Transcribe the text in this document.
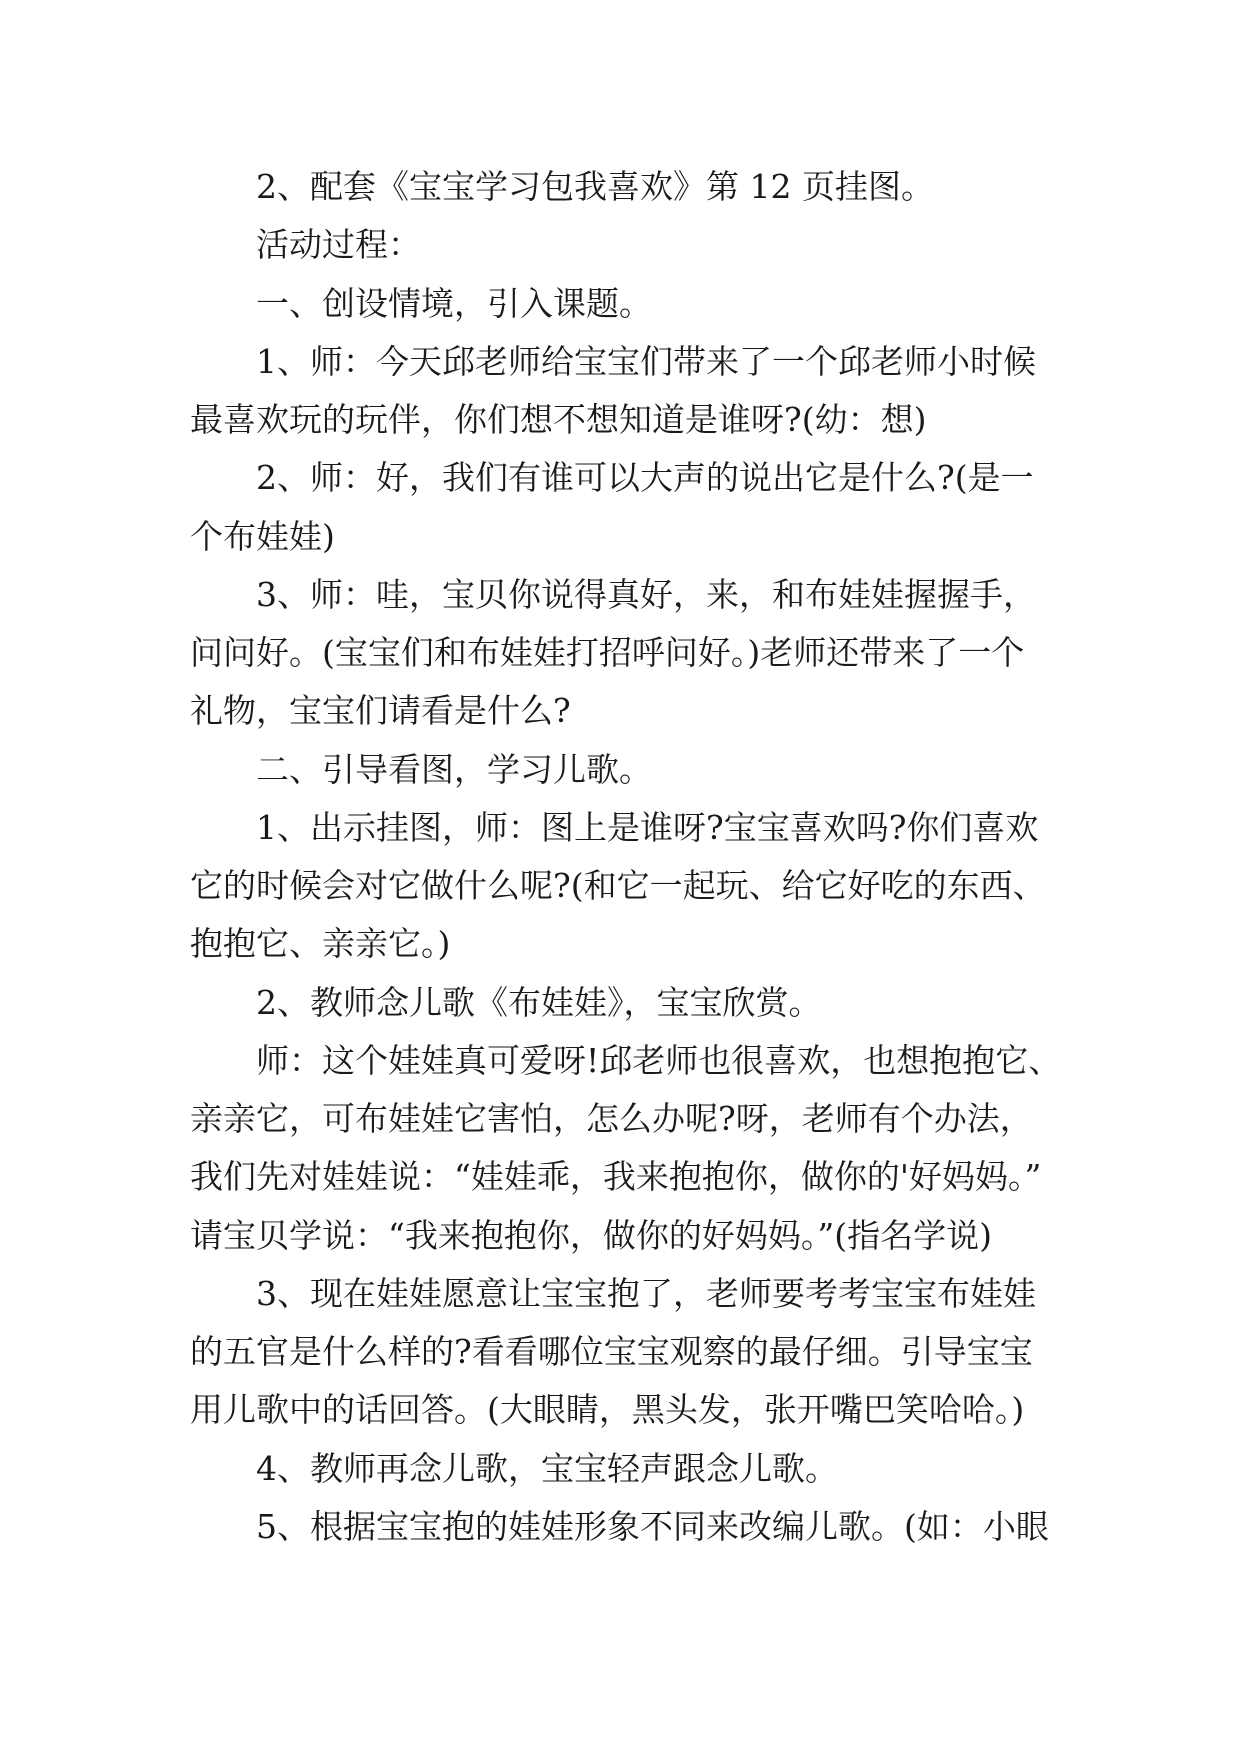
2、配套《宝宝学习包我喜欢》第 12 页挂图。
活动过程：
一、创设情境，引入课题。
1、师：今天邱老师给宝宝们带来了一个邱老师小时候
最喜欢玩的玩伴，你们想不想知道是谁呀?(幼：想)
2、师：好，我们有谁可以大声的说出它是什么?(是一
个布娃娃)
3、师：哇，宝贝你说得真好，来，和布娃娃握握手，
问问好。(宝宝们和布娃娃打招呼问好。)老师还带来了一个
礼物，宝宝们请看是什么?
二、引导看图，学习儿歌。
1、出示挂图，师：图上是谁呀?宝宝喜欢吗?你们喜欢
它的时候会对它做什么呢?(和它一起玩、给它好吃的东西、
抱抱它、亲亲它。)
2、教师念儿歌《布娃娃》，宝宝欣赏。
师：这个娃娃真可爱呀!邱老师也很喜欢，也想抱抱它、
亲亲它，可布娃娃它害怕，怎么办呢?呀，老师有个办法，
我们先对娃娃说：“娃娃乖，我来抱抱你，做你的'好妈妈。”
请宝贝学说：“我来抱抱你，做你的好妈妈。”(指名学说)
3、现在娃娃愿意让宝宝抱了，老师要考考宝宝布娃娃
的五官是什么样的?看看哪位宝宝观察的最仔细。引导宝宝
用儿歌中的话回答。(大眼睛，黑头发，张开嘴巴笑哈哈。)
4、教师再念儿歌，宝宝轻声跟念儿歌。
5、根据宝宝抱的娃娃形象不同来改编儿歌。(如：小眼
